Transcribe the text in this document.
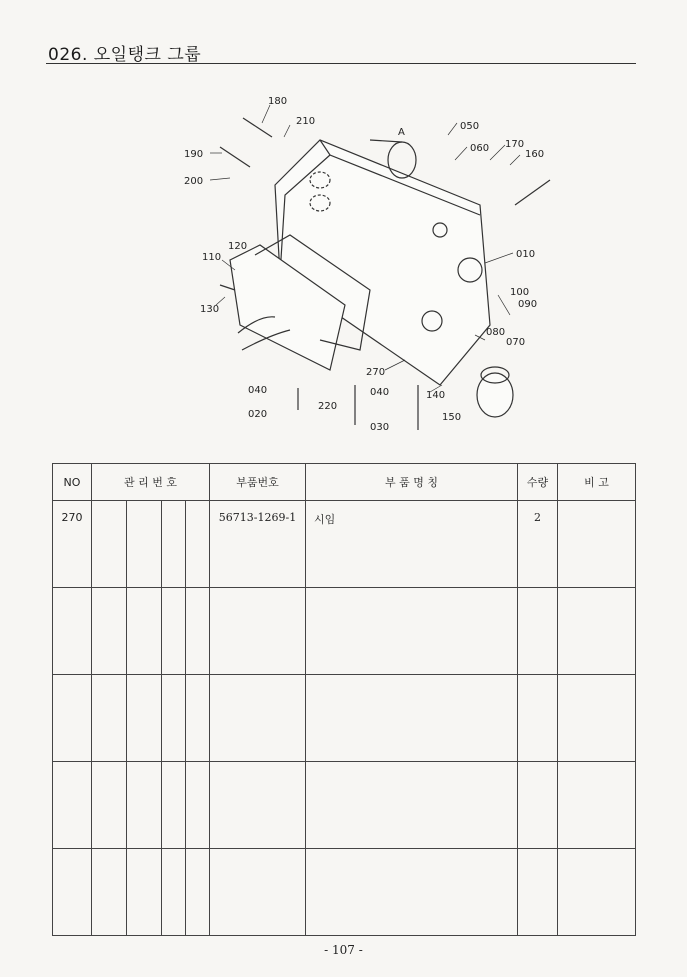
026. 오일탱크 그룹
180
210
190
200
A
050
060 170
160
120
110	010
130
100
090
080
070
270
040	140
220
040
020
030
150
NO	관 리 번 호				부품번호	부 품 명 칭	수량	비 고
270					56713-1269-1	시임	2	

- 107 -
